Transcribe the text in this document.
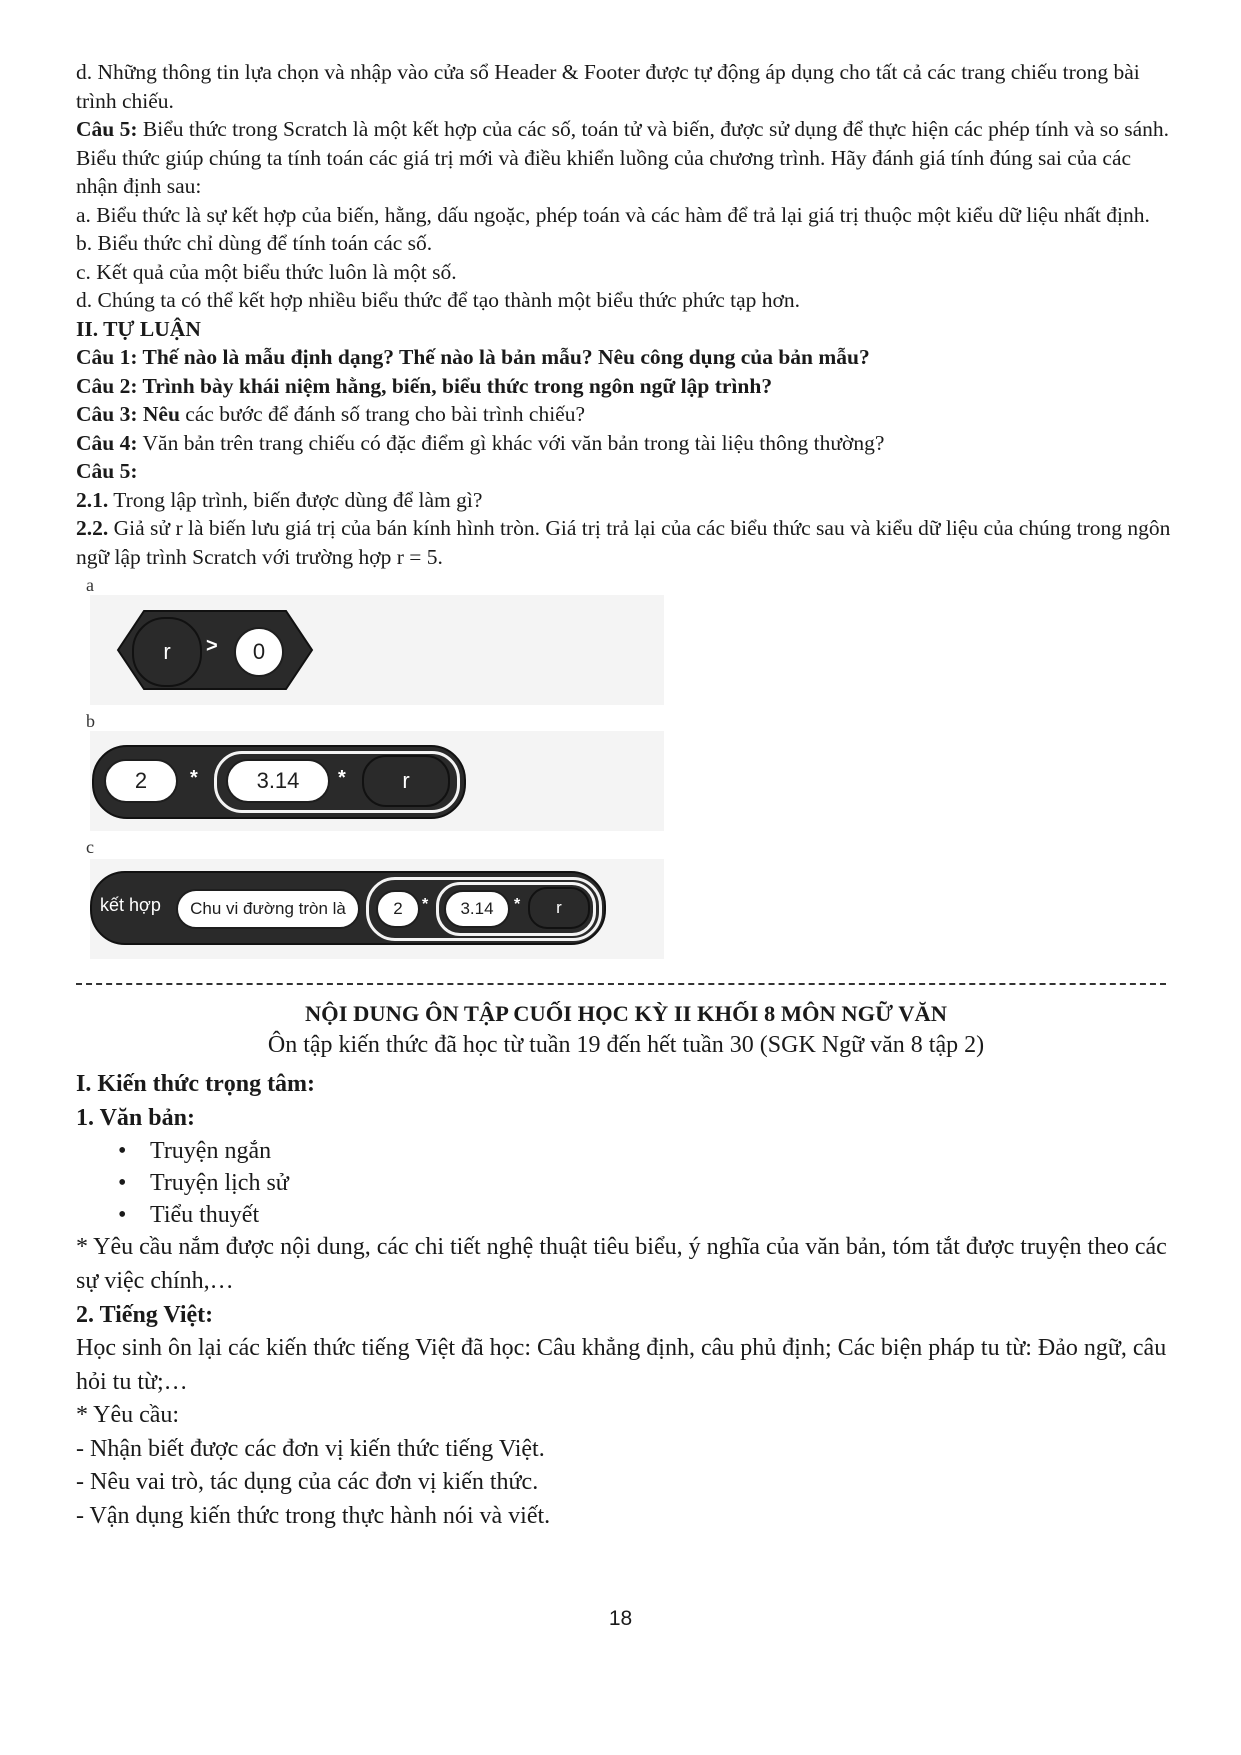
d. Những thông tin lựa chọn và nhập vào cửa sổ Header & Footer được tự động áp dụng cho tất cả các trang chiếu trong bài trình chiếu.

Câu 5: Biểu thức trong Scratch là một kết hợp của các số, toán tử và biến, được sử dụng để thực hiện các phép tính và so sánh. Biểu thức giúp chúng ta tính toán các giá trị mới và điều khiển luồng của chương trình. Hãy đánh giá tính đúng sai của các nhận định sau:

a. Biểu thức là sự kết hợp của biến, hằng, dấu ngoặc, phép toán và các hàm để trả lại giá trị thuộc một kiểu dữ liệu nhất định.

b. Biểu thức chỉ dùng để tính toán các số.

c. Kết quả của một biểu thức luôn là một số.

d. Chúng ta có thể kết hợp nhiều biểu thức để tạo thành một biểu thức phức tạp hơn.

II. TỰ LUẬN

Câu 1: Thế nào là mẫu định dạng? Thế nào là bản mẫu? Nêu công dụng của bản mẫu?

Câu 2: Trình bày khái niệm hằng, biến, biểu thức trong ngôn ngữ lập trình?

Câu 3: Nêu các bước để đánh số trang cho bài trình chiếu?

Câu 4: Văn bản trên trang chiếu có đặc điểm gì khác với văn bản trong tài liệu thông thường?

Câu 5:

2.1. Trong lập trình, biến được dùng để làm gì?

2.2. Giả sử r là biến lưu giá trị của bán kính hình tròn. Giá trị trả lại của các biểu thức sau và kiểu dữ liệu của chúng trong ngôn ngữ lập trình Scratch với trường hợp r = 5.

a
r	>	0
b
2	*	3.14	*	r
c
kết hợp	Chu vi đường tròn là	2	*	3.14	*	r
NỘI DUNG ÔN TẬP CUỐI HỌC KỲ II KHỐI 8 MÔN NGỮ VĂN
Ôn tập kiến thức đã học từ tuần 19 đến hết tuần 30 (SGK Ngữ văn 8 tập 2)
I. Kiến thức trọng tâm:
1. Văn bản:
• Truyện ngắn
• Truyện lịch sử
• Tiểu thuyết

* Yêu cầu nắm được nội dung, các chi tiết nghệ thuật tiêu biểu, ý nghĩa của văn bản, tóm tắt được truyện theo các sự việc chính,…

2. Tiếng Việt:

Học sinh ôn lại các kiến thức tiếng Việt đã học: Câu khẳng định, câu phủ định; Các biện pháp tu từ: Đảo ngữ, câu hỏi tu từ;…

* Yêu cầu:

- Nhận biết được các đơn vị kiến thức tiếng Việt.

- Nêu vai trò, tác dụng của các đơn vị kiến thức.

- Vận dụng kiến thức trong thực hành nói và viết.

18
